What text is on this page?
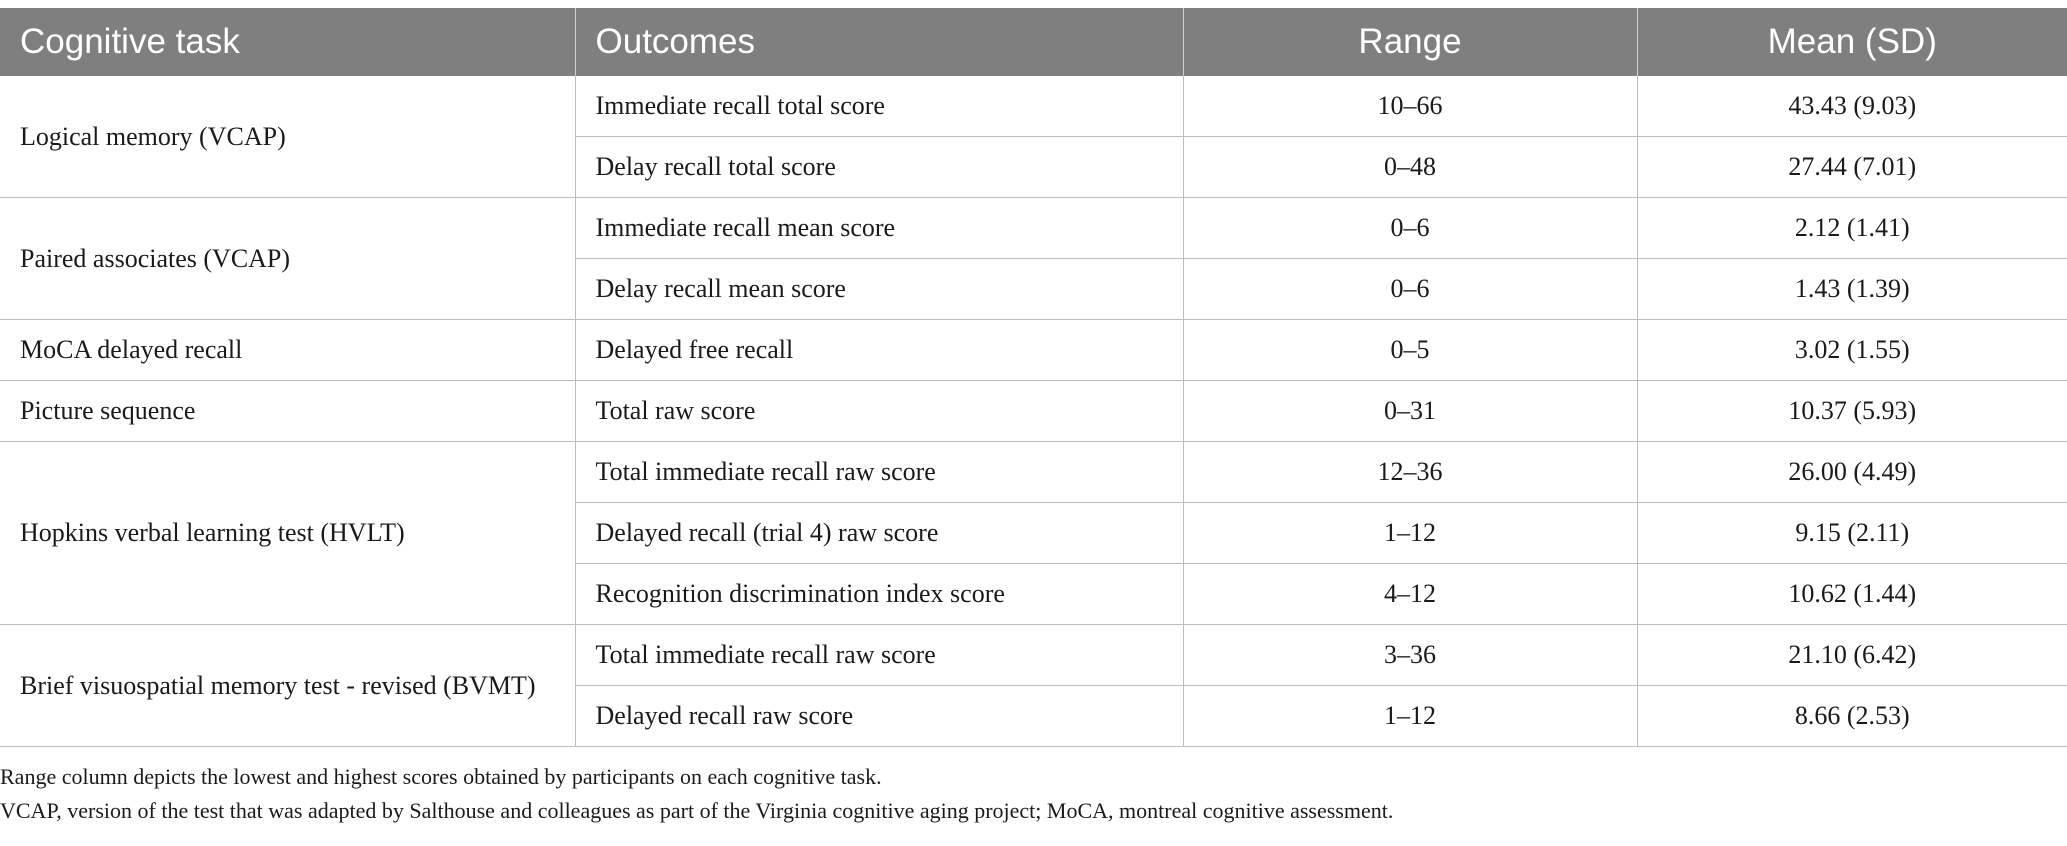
Cognitive task	Outcomes	Range	Mean (SD)
Logical memory (VCAP)	Immediate recall total score	10–66	43.43 (9.03)
	Delay recall total score	0–48	27.44 (7.01)
Paired associates (VCAP)	Immediate recall mean score	0–6	2.12 (1.41)
	Delay recall mean score	0–6	1.43 (1.39)
MoCA delayed recall	Delayed free recall	0–5	3.02 (1.55)
Picture sequence	Total raw score	0–31	10.37 (5.93)
Hopkins verbal learning test (HVLT)	Total immediate recall raw score	12–36	26.00 (4.49)
	Delayed recall (trial 4) raw score	1–12	9.15 (2.11)
	Recognition discrimination index score	4–12	10.62 (1.44)
Brief visuospatial memory test - revised (BVMT)	Total immediate recall raw score	3–36	21.10 (6.42)
	Delayed recall raw score	1–12	8.66 (2.53)

Range column depicts the lowest and highest scores obtained by participants on each cognitive task.

VCAP, version of the test that was adapted by Salthouse and colleagues as part of the Virginia cognitive aging project; MoCA, montreal cognitive assessment.
